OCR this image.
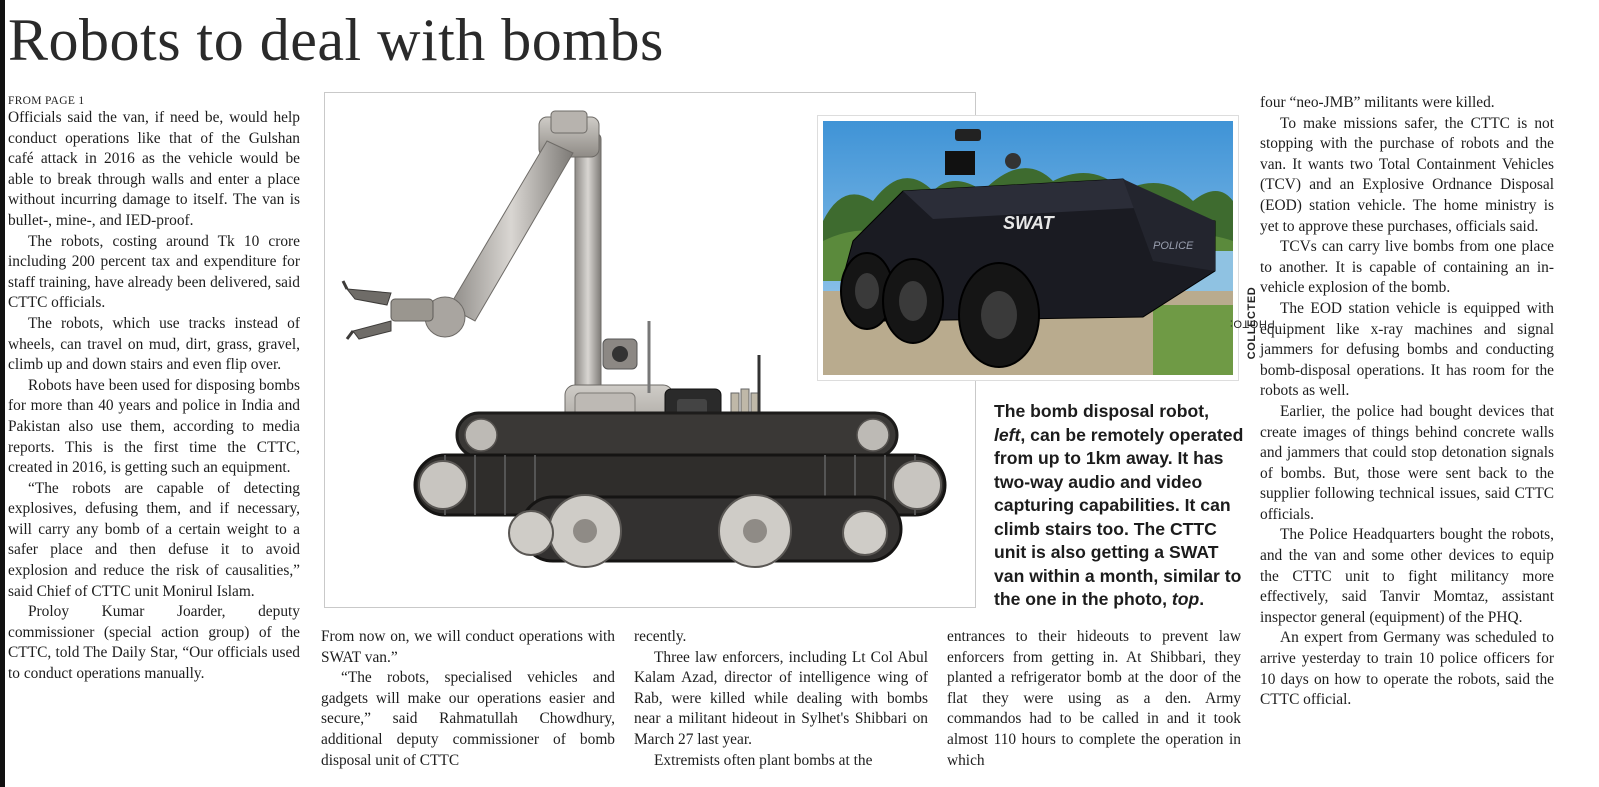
Robots to deal with bombs

FROM PAGE 1

Officials said the van, if need be, would help conduct operations like that of the Gulshan café attack in 2016 as the vehicle would be able to break through walls and enter a place without incurring damage to itself. The van is bullet-, mine-, and IED-proof.

The robots, costing around Tk 10 crore including 200 percent tax and expenditure for staff training, have already been delivered, said CTTC officials.

The robots, which use tracks instead of wheels, can travel on mud, dirt, grass, gravel, climb up and down stairs and even flip over.

Robots have been used for disposing bombs for more than 40 years and police in India and Pakistan also use them, according to media reports. This is the first time the CTTC, created in 2016, is getting such an equipment.

“The robots are capable of detecting explosives, defusing them, and if necessary, will carry any bomb of a certain weight to a safer place and then defuse it to avoid explosion and reduce the risk of causalities,” said Chief of CTTC unit Monirul Islam.

Proloy Kumar Joarder, deputy commissioner (special action group) of the CTTC, told The Daily Star, “Our officials used to conduct operations manually.

SWAT
POLICE
PHOTO:
COLLECTED
The bomb disposal robot, left, can be remotely operated from up to 1km away. It has two-way audio and video capturing capabilities. It can climb stairs too. The CTTC unit is also getting a SWAT van within a month, similar to the one in the photo, top.

From now on, we will conduct operations with SWAT van.”

“The robots, specialised vehicles and gadgets will make our operations easier and secure,” said Rahmatullah Chowdhury, additional deputy commissioner of bomb disposal unit of CTTC

recently.

Three law enforcers, including Lt Col Abul Kalam Azad, director of intelligence wing of Rab, were killed while dealing with bombs near a militant hideout in Sylhet's Shibbari on March 27 last year.

Extremists often plant bombs at the

entrances to their hideouts to prevent law enforcers from getting in. At Shibbari, they planted a refrigerator bomb at the door of the flat they were using as a den. Army commandos had to be called in and it took almost 110 hours to complete the operation in which

four “neo-JMB” militants were killed.

To make missions safer, the CTTC is not stopping with the purchase of robots and the van. It wants two Total Containment Vehicles (TCV) and an Explosive Ordnance Disposal (EOD) station vehicle. The home ministry is yet to approve these purchases, officials said.

TCVs can carry live bombs from one place to another. It is capable of containing an in-vehicle explosion of the bomb.

The EOD station vehicle is equipped with equipment like x-ray machines and signal jammers for defusing bombs and conducting bomb-disposal operations. It has room for the robots as well.

Earlier, the police had bought devices that create images of things behind concrete walls and jammers that could stop detonation signals of bombs. But, those were sent back to the supplier following technical issues, said CTTC officials.

The Police Headquarters bought the robots, and the van and some other devices to equip the CTTC unit to fight militancy more effectively, said Tanvir Momtaz, assistant inspector general (equipment) of the PHQ.

An expert from Germany was scheduled to arrive yesterday to train 10 police officers for 10 days on how to operate the robots, said the CTTC official.
